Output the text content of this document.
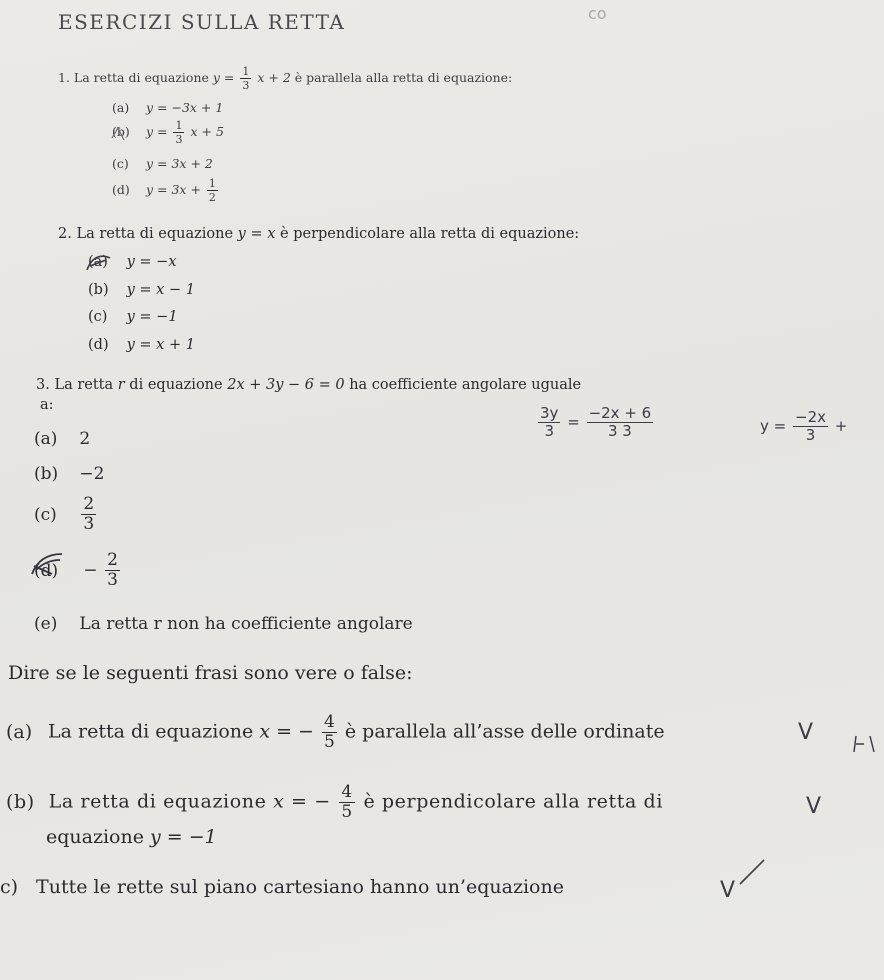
ESERCIZI SULLA RETTA	co
1. La retta di equazione $y = \frac{1}{3}$ x + 2 è parallela alla retta di equazione:
(a) y = −3x + 1
(b) $y = \frac{1}{3}$ x + 5
(c) y = 3x + 2
(d) $y = 3x + \frac{1}{2}$
2. La retta di equazione y = x è perpendicolare alla retta di equazione:
(a) y = −x
(b) y = x − 1
(c) y = −1
(d) y = x + 1
3. La retta r di equazione 2x + 3y − 6 = 0 ha coefficiente angolare uguale
a:
$\frac{3y}{3} = \frac{-2x + 6}{3 3}$	$y = \frac{-2x}{3}$ +
(a) 2
(b) −2
$(c) \frac{2}{3}$
$(d) - \frac{2}{3}$
(e) La retta r non ha coefficiente angolare
Dire se le seguenti frasi sono vere o false:
(a) La retta di equazione x = − $\frac{4}{5}$ è parallela all’asse delle ordinate	V
(b) La retta di equazione x = − $\frac{4}{5}$ è perpendicolare alla retta di	V
equazione y = −1
c) Tutte le rette sul piano cartesiano hanno un’equazione	V
